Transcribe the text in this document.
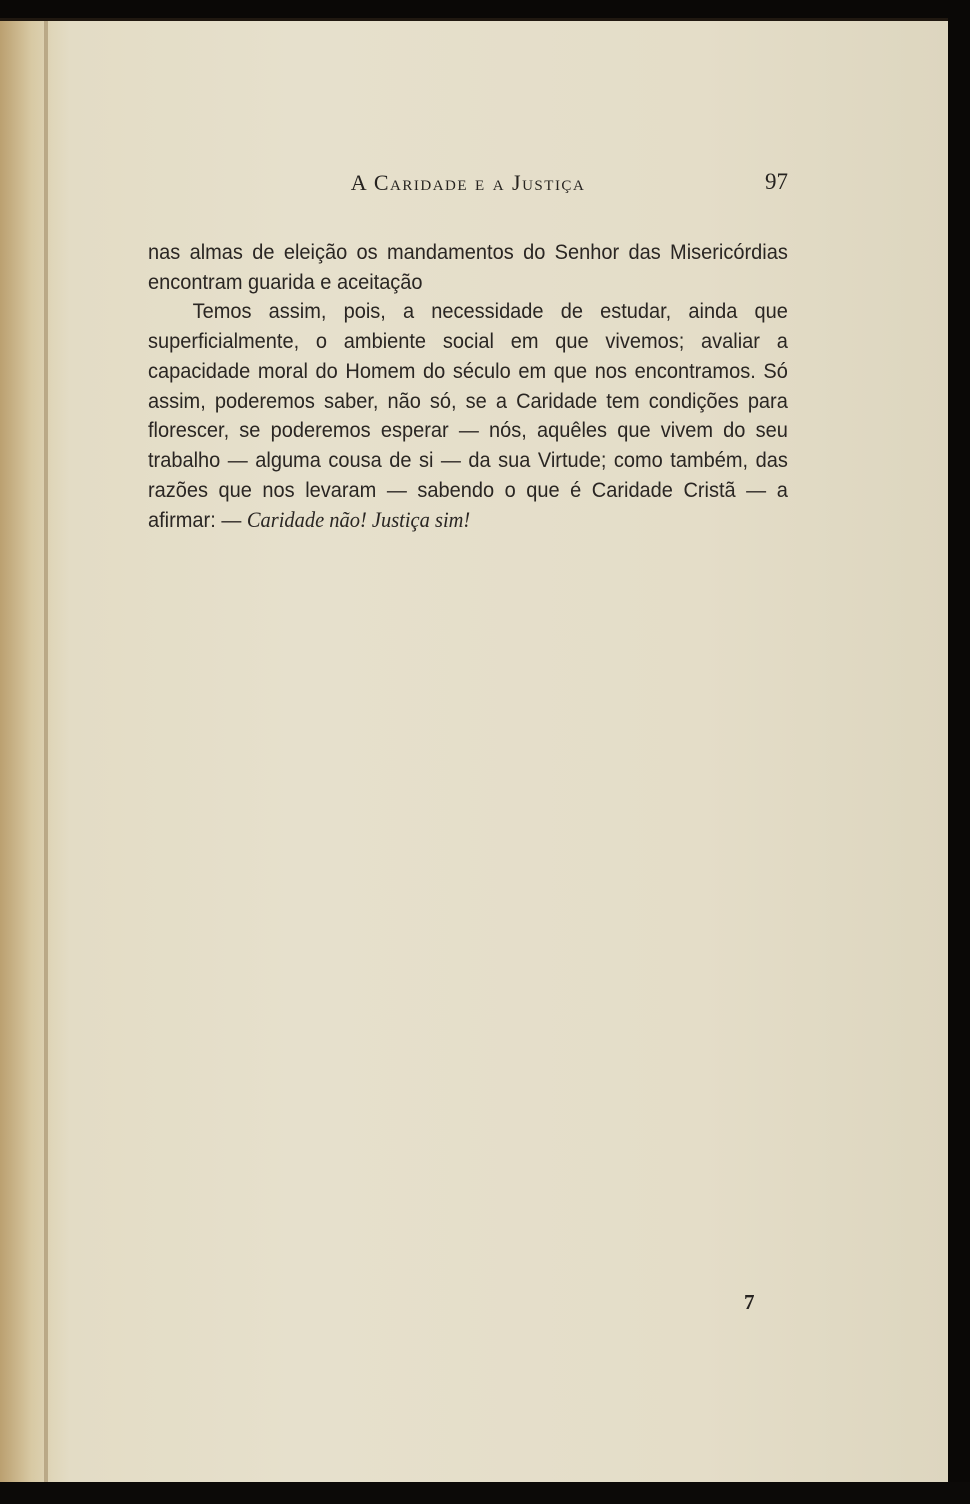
A Caridade e a Justiça	97

nas almas de eleição os mandamentos do Senhor das Misericórdias encontram guarida e aceitação

Temos assim, pois, a necessidade de estudar, ainda que superficialmente, o ambiente social em que vivemos; avaliar a capacidade moral do Homem do século em que nos encontramos. Só assim, poderemos saber, não só, se a Caridade tem condições para florescer, se poderemos esperar — nós, aquêles que vivem do seu trabalho — alguma cousa de si — da sua Virtude; como também, das razões que nos levaram — sabendo o que é Caridade Cristã — a afirmar: — Caridade não! Justiça sim!

7
